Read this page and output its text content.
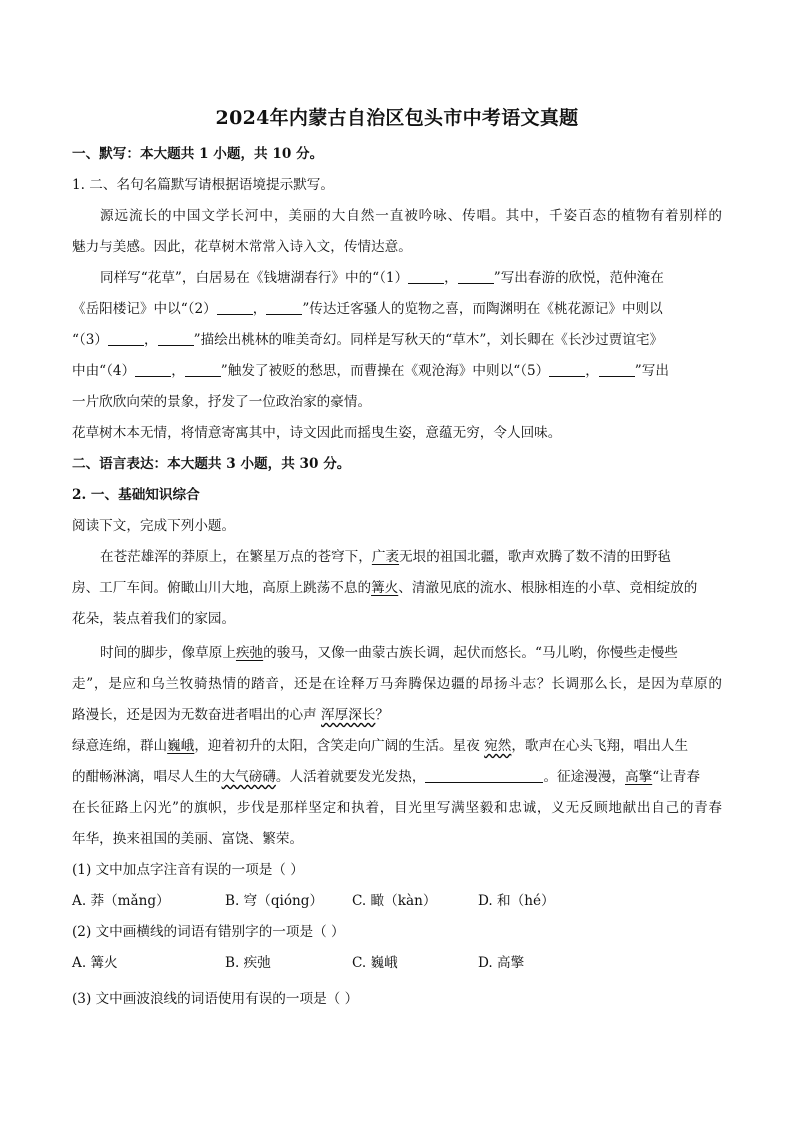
2024年内蒙古自治区包头市中考语文真题
一、默写：本大题共 1 小题，共 10 分。
1. 二、名句名篇默写请根据语境提示默写。
源远流长的中国文学长河中，美丽的大自然一直被吟咏、传唱。其中，千姿百态的植物有着别样的
魅力与美感。因此，花草树木常常入诗入文，传情达意。
同样写“花草”，白居易在《钱塘湖春行》中的“（1）	，	”写出春游的欣悦，范仲淹在
《岳阳楼记》中以“（2）	，	”传达迁客骚人的览物之喜，而陶渊明在《桃花源记》中则以
“（3）	，	”描绘出桃林的唯美奇幻。同样是写秋天的“草木”，刘长卿在《长沙过贾谊宅》
中由“（4）	，	”触发了被贬的愁思，而曹操在《观沧海》中则以“（5）	，	”写出
一片欣欣向荣的景象，抒发了一位政治家的豪情。
花草树木本无情，将情意寄寓其中，诗文因此而摇曳生姿，意蕴无穷，令人回味。
二、语言表达：本大题共 3 小题，共 30 分。
2. 一、基础知识综合
阅读下文，完成下列小题。
在苍茫雄浑的莽原上，在繁星万点的苍穹下，广袤无垠的祖国北疆，歌声欢腾了数不清的田野毡
房、工厂车间。俯瞰山川大地，高原上跳荡不息的篝火、清澈见底的流水、根脉相连的小草、竞相绽放的
花朵，装点着我们的家园。
时间的脚步，像草原上疾弛的骏马，又像一曲蒙古族长调，起伏而悠长。“马儿哟，你慢些走慢些
走”，是应和乌兰牧骑热情的踏音，还是在诠释万马奔腾保边疆的昂扬斗志？长调那么长，是因为草原的
路漫长，还是因为无数奋进者唱出的心声 浑厚深长？
绿意连绵，群山巍峨，迎着初升的太阳，含笑走向广阔的生活。星夜 宛然，歌声在心头飞翔，唱出人生
的酣畅淋漓，唱尽人生的大气磅礴。人活着就要发光发热，	。征途漫漫，高擎“让青春
在长征路上闪光”的旗帜，步伐是那样坚定和执着，目光里写满坚毅和忠诚，义无反顾地献出自己的青春
年华，换来祖国的美丽、富饶、繁荣。
(1) 文中加点字注音有误的一项是（ ）
A. 莽（mǎng）	B. 穹（qióng） C. 瞰（kàn）	D. 和（hé）
(2) 文中画横线的词语有错别字的一项是（ ）
A. 篝火	B. 疾弛	C. 巍峨	D. 高擎
(3) 文中画波浪线的词语使用有误的一项是（ ）
